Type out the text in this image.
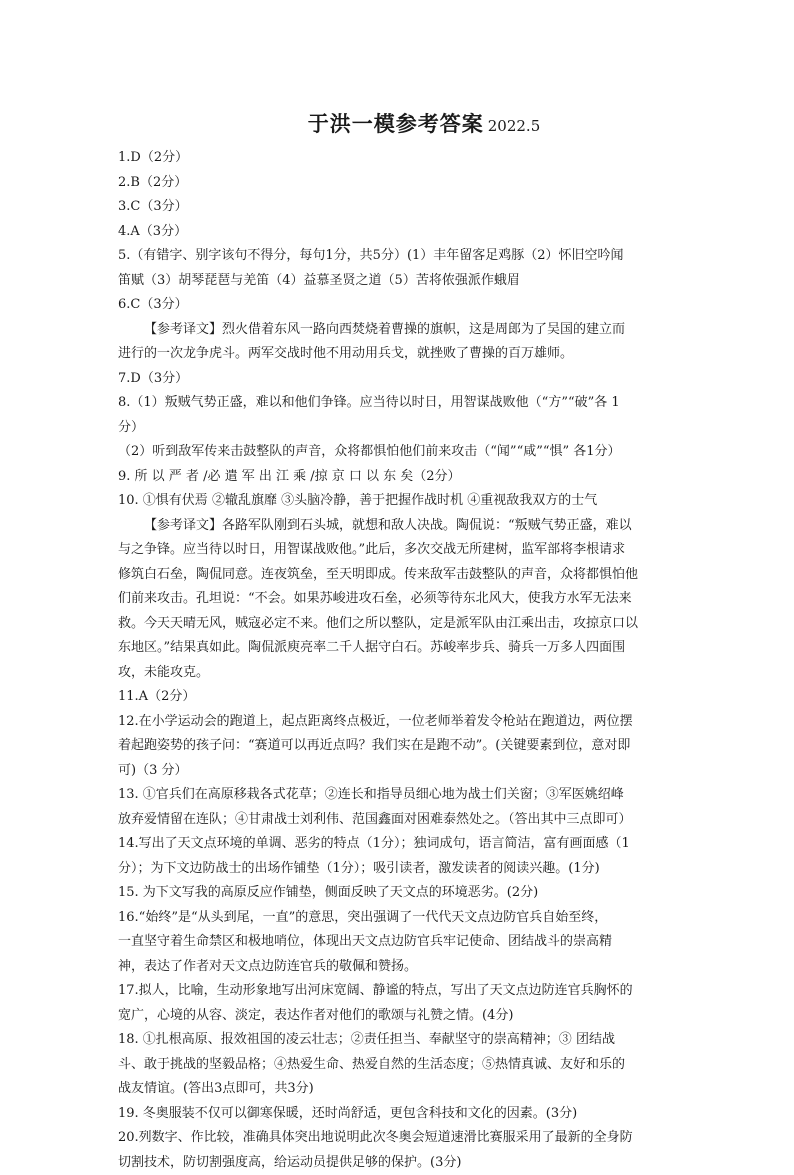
于洪一模参考答案 2022.5
1.D（2分）
2.B（2分）
3.C（3分）
4.A（3分）
5.（有错字、别字该句不得分，每句1分，共5分）(1）丰年留客足鸡豚（2）怀旧空吟闻
笛赋（3）胡琴琵琶与羌笛（4）益慕圣贤之道（5）苦将侬强派作蛾眉
6.C（3分）
【参考译文】烈火借着东风一路向西焚烧着曹操的旗帜，这是周郎为了吴国的建立而
进行的一次龙争虎斗。两军交战时他不用动用兵戈，就挫败了曹操的百万雄师。
7.D（3分）
8.（1）叛贼气势正盛，难以和他们争锋。应当待以时日，用智谋战败他（“方”“破”各 1
分）
（2）听到敌军传来击鼓整队的声音，众将都惧怕他们前来攻击（“闻”“咸”“惧” 各1分）
9. 所 以 严 者 /必 遣 军 出 江 乘 /掠 京 口 以 东 矣（2分）
10. ①惧有伏焉 ②辙乱旗靡 ③头脑冷静，善于把握作战时机 ④重视敌我双方的士气
【参考译文】各路军队刚到石头城，就想和敌人决战。陶侃说：“叛贼气势正盛，难以
与之争锋。应当待以时日，用智谋战败他。”此后，多次交战无所建树，监军部将李根请求
修筑白石垒，陶侃同意。连夜筑垒，至天明即成。传来敌军击鼓整队的声音，众将都惧怕他
们前来攻击。孔坦说：“不会。如果苏峻进攻石垒，必须等待东北风大，使我方水军无法来
救。今天天晴无风，贼寇必定不来。他们之所以整队，定是派军队由江乘出击，攻掠京口以
东地区。”结果真如此。陶侃派庾亮率二千人据守白石。苏峻率步兵、骑兵一万多人四面围
攻，未能攻克。
11.A（2分）
12.在小学运动会的跑道上，起点距离终点极近，一位老师举着发令枪站在跑道边，两位摆
着起跑姿势的孩子问：“赛道可以再近点吗？我们实在是跑不动”。(关键要素到位，意对即
可)（3 分）
13. ①官兵们在高原移栽各式花草；②连长和指导员细心地为战士们关窗；③军医姚绍峰
放弃爱情留在连队；④甘肃战士刘利伟、范国鑫面对困难泰然处之。（答出其中三点即可）
14.写出了天文点环境的单调、恶劣的特点（1分）；独词成句，语言简洁，富有画面感（1
分）；为下文边防战士的出场作铺垫（1分）；吸引读者，激发读者的阅读兴趣。(1分)
15. 为下文写我的高原反应作铺垫，侧面反映了天文点的环境恶劣。(2分)
16.“始终”是“从头到尾，一直”的意思，突出强调了一代代天文点边防官兵自始至终，
一直坚守着生命禁区和极地哨位，体现出天文点边防官兵牢记使命、团结战斗的崇高精
神，表达了作者对天文点边防连官兵的敬佩和赞扬。
17.拟人，比喻，生动形象地写出河床宽阔、静谧的特点，写出了天文点边防连官兵胸怀的
宽广，心境的从容、淡定，表达作者对他们的歌颂与礼赞之情。(4分)
18. ①扎根高原、报效祖国的凌云壮志；②责任担当、奉献坚守的崇高精神；③ 团结战
斗、敢于挑战的坚毅品格；④热爱生命、热爱自然的生活态度；⑤热情真诚、友好和乐的
战友情谊。(答出3点即可，共3分)
19. 冬奥服装不仅可以御寒保暖，还时尚舒适，更包含科技和文化的因素。(3分)
20.列数字、作比较，准确具体突出地说明此次冬奥会短道速滑比赛服采用了最新的全身防
切割技术，防切割强度高，给运动员提供足够的保护。(3分)
